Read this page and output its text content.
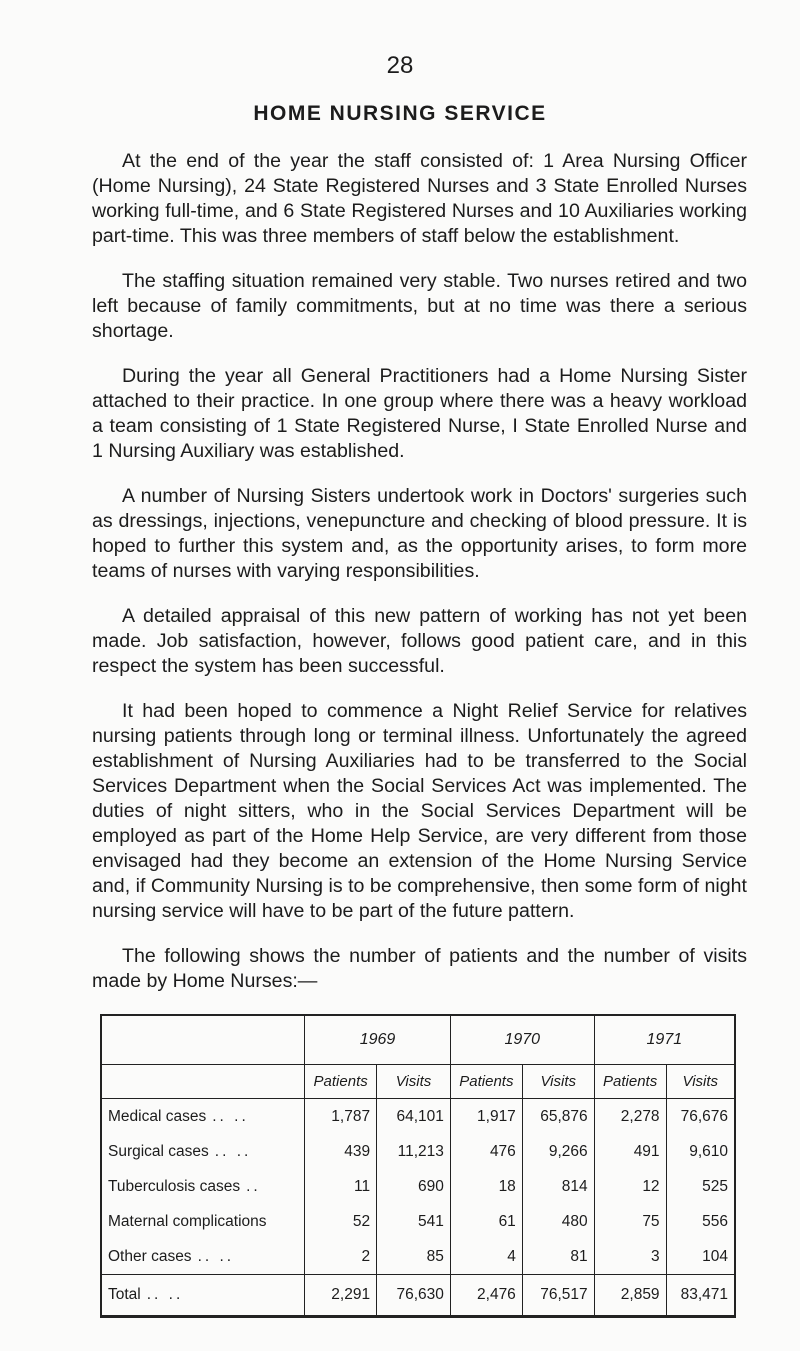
28
HOME NURSING SERVICE

At the end of the year the staff consisted of: 1 Area Nursing Officer (Home Nursing), 24 State Registered Nurses and 3 State Enrolled Nurses working full-time, and 6 State Registered Nurses and 10 Auxiliaries working part-time. This was three members of staff below the establishment.

The staffing situation remained very stable. Two nurses retired and two left because of family commitments, but at no time was there a serious shortage.

During the year all General Practitioners had a Home Nursing Sister attached to their practice. In one group where there was a heavy workload a team consisting of 1 State Registered Nurse, I State Enrolled Nurse and 1 Nursing Auxiliary was established.

A number of Nursing Sisters undertook work in Doctors' surgeries such as dressings, injections, venepuncture and checking of blood pressure. It is hoped to further this system and, as the opportunity arises, to form more teams of nurses with varying responsibilities.

A detailed appraisal of this new pattern of working has not yet been made. Job satisfaction, however, follows good patient care, and in this respect the system has been successful.

It had been hoped to commence a Night Relief Service for relatives nursing patients through long or terminal illness. Unfortunately the agreed establishment of Nursing Auxiliaries had to be transferred to the Social Services Department when the Social Services Act was implemented. The duties of night sitters, who in the Social Services Department will be employed as part of the Home Help Service, are very different from those envisaged had they become an extension of the Home Nursing Service and, if Community Nursing is to be comprehensive, then some form of night nursing service will have to be part of the future pattern.

The following shows the number of patients and the number of visits made by Home Nurses:—

	1969		1970		1971	
	Patients	Visits	Patients	Visits	Patients	Visits
Medical cases .. ..	1,787	64,101	1,917	65,876	2,278	76,676
Surgical cases .. ..	439	11,213	476	9,266	491	9,610
Tuberculosis cases ..	11	690	18	814	12	525
Maternal complications	52	541	61	480	75	556
Other cases .. ..	2	85	4	81	3	104
Total .. ..	2,291	76,630	2,476	76,517	2,859	83,471
